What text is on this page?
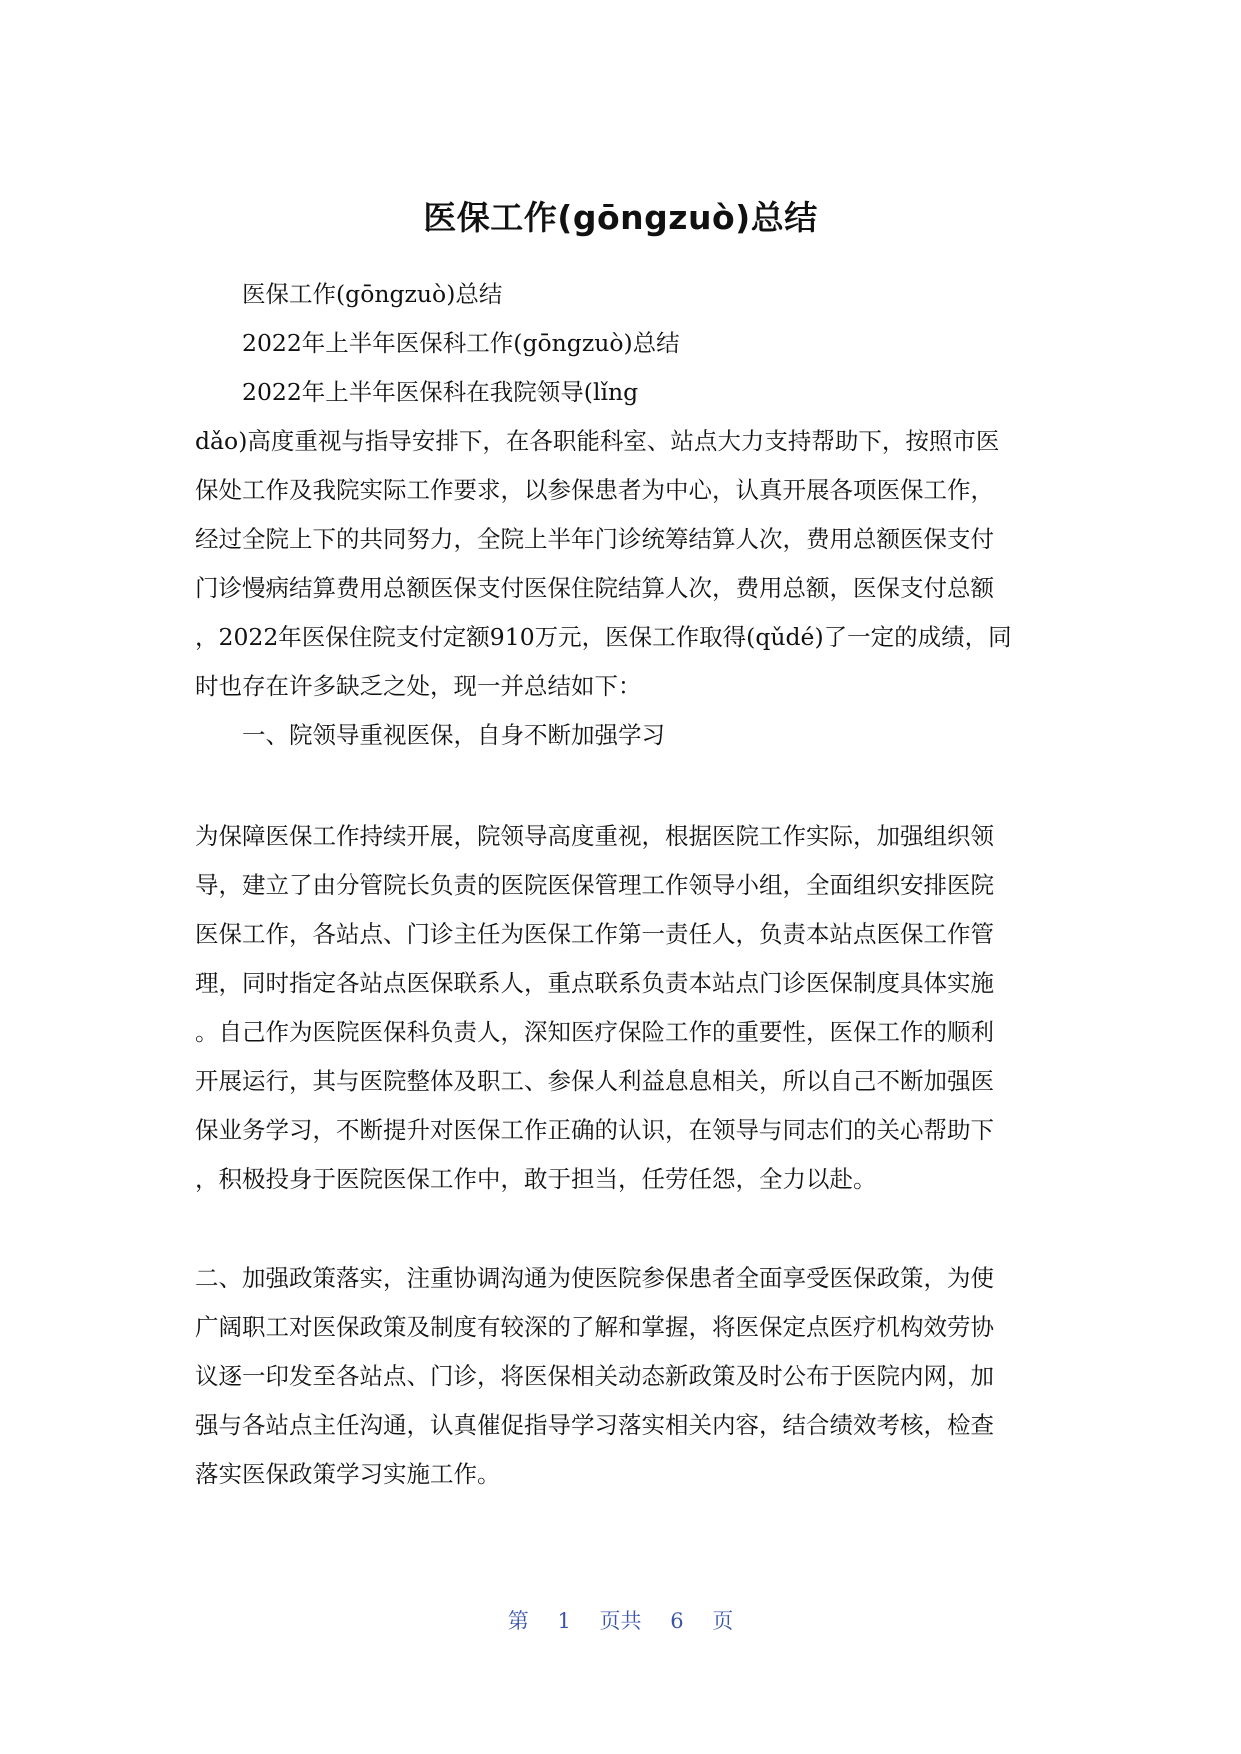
医保工作(gōngzuò)总结
医保工作(gōngzuò)总结
2022年上半年医保科工作(gōngzuò)总结
2022年上半年医保科在我院领导(lǐng
dǎo)高度重视与指导安排下，在各职能科室、站点大力支持帮助下，按照市医
保处工作及我院实际工作要求，以参保患者为中心，认真开展各项医保工作，
经过全院上下的共同努力，全院上半年门诊统筹结算人次，费用总额医保支付
门诊慢病结算费用总额医保支付医保住院结算人次，费用总额，医保支付总额
，2022年医保住院支付定额910万元，医保工作取得(qǔdé)了一定的成绩，同
时也存在许多缺乏之处，现一并总结如下：
一、院领导重视医保，自身不断加强学习
为保障医保工作持续开展，院领导高度重视，根据医院工作实际，加强组织领
导，建立了由分管院长负责的医院医保管理工作领导小组，全面组织安排医院
医保工作，各站点、门诊主任为医保工作第一责任人，负责本站点医保工作管
理，同时指定各站点医保联系人，重点联系负责本站点门诊医保制度具体实施
。自己作为医院医保科负责人，深知医疗保险工作的重要性，医保工作的顺利
开展运行，其与医院整体及职工、参保人利益息息相关，所以自己不断加强医
保业务学习，不断提升对医保工作正确的认识，在领导与同志们的关心帮助下
，积极投身于医院医保工作中，敢于担当，任劳任怨，全力以赴。
二、加强政策落实，注重协调沟通为使医院参保患者全面享受医保政策，为使
广阔职工对医保政策及制度有较深的了解和掌握，将医保定点医疗机构效劳协
议逐一印发至各站点、门诊，将医保相关动态新政策及时公布于医院内网，加
强与各站点主任沟通，认真催促指导学习落实相关内容，结合绩效考核，检查
落实医保政策学习实施工作。
第 1 页共 6 页
